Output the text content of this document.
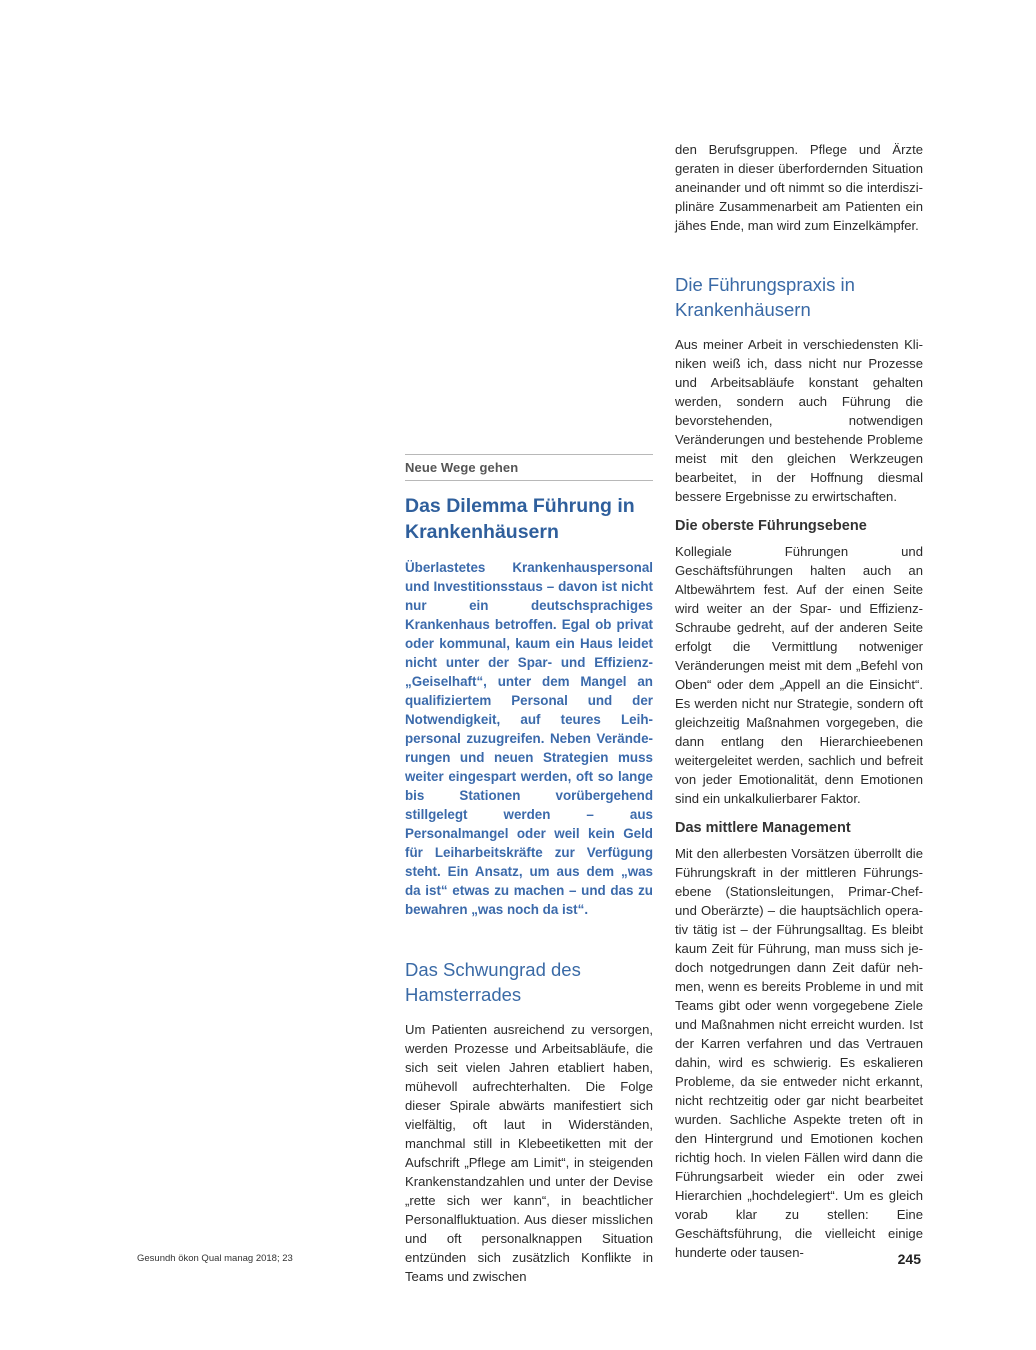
Neue Wege gehen
Das Dilemma Führung in Krankenhäusern

Überlastetes Krankenhauspersonal und Investitionsstaus – davon ist nicht nur ein deutschsprachiges Krankenhaus betroffen. Egal ob privat oder kommunal, kaum ein Haus leidet nicht unter der Spar- und Effizienz-„Geiselhaft“, unter dem Mangel an qualifiziertem Personal und der Notwendigkeit, auf teures Leihpersonal zuzugreifen. Neben Veränderungen und neuen Strategien muss weiter eingespart werden, oft so lange bis Stationen vorübergehend stillgelegt werden – aus Personalmangel oder weil kein Geld für Leiharbeitskräfte zur Verfügung steht. Ein Ansatz, um aus dem „was da ist“ etwas zu machen – und das zu bewahren „was noch da ist“.

Das Schwungrad des Hamsterrades

Um Patienten ausreichend zu versorgen, werden Prozesse und Arbeitsabläufe, die sich seit vielen Jahren etabliert haben, mühevoll aufrechterhalten. Die Folge dieser Spirale abwärts manifestiert sich vielfältig, oft laut in Widerständen, manchmal still in Klebeetiketten mit der Aufschrift „Pflege am Limit“, in steigenden Krankenstandzahlen und unter der Devise „rette sich wer kann“, in beachtlicher Personalfluktuation. Aus dieser misslichen und oft personalknappen Situation entzünden sich zusätzlich Konflikte in Teams und zwischen

den Berufsgruppen. Pflege und Ärzte geraten in dieser überfordernden Situation aneinander und oft nimmt so die interdisziplinäre Zusammenarbeit am Patienten ein jähes Ende, man wird zum Einzelkämpfer.

Die Führungspraxis in Krankenhäusern

Aus meiner Arbeit in verschiedensten Kliniken weiß ich, dass nicht nur Prozesse und Arbeitsabläufe konstant gehalten werden, sondern auch Führung die bevorstehenden, notwendigen Veränderungen und bestehende Probleme meist mit den gleichen Werkzeugen bearbeitet, in der Hoffnung diesmal bessere Ergebnisse zu erwirtschaften.

Die oberste Führungsebene

Kollegiale Führungen und Geschäftsführungen halten auch an Altbewährtem fest. Auf der einen Seite wird weiter an der Spar- und Effizienz-Schraube gedreht, auf der anderen Seite erfolgt die Vermittlung notweniger Veränderungen meist mit dem „Befehl von Oben“ oder dem „Appell an die Einsicht“. Es werden nicht nur Strategie, sondern oft gleichzeitig Maßnahmen vorgegeben, die dann entlang den Hierarchieebenen weitergeleitet werden, sachlich und befreit von jeder Emotionalität, denn Emotionen sind ein unkalkulierbarer Faktor.

Das mittlere Management

Mit den allerbesten Vorsätzen überrollt die Führungskraft in der mittleren Führungsebene (Stationsleitungen, Primar-Chef- und Oberärzte) – die hauptsächlich operativ tätig ist – der Führungsalltag. Es bleibt kaum Zeit für Führung, man muss sich jedoch notgedrungen dann Zeit dafür nehmen, wenn es bereits Probleme in und mit Teams gibt oder wenn vorgegebene Ziele und Maßnahmen nicht erreicht wurden. Ist der Karren verfahren und das Vertrauen dahin, wird es schwierig. Es eskalieren Probleme, da sie entweder nicht erkannt, nicht rechtzeitig oder gar nicht bearbeitet wurden. Sachliche Aspekte treten oft in den Hintergrund und Emotionen kochen richtig hoch. In vielen Fällen wird dann die Führungsarbeit wieder ein oder zwei Hierarchien „hochdelegiert“. Um es gleich vorab klar zu stellen: Eine Geschäftsführung, die vielleicht einige hunderte oder tausen-

Gesundh ökon Qual manag 2018; 23	245
